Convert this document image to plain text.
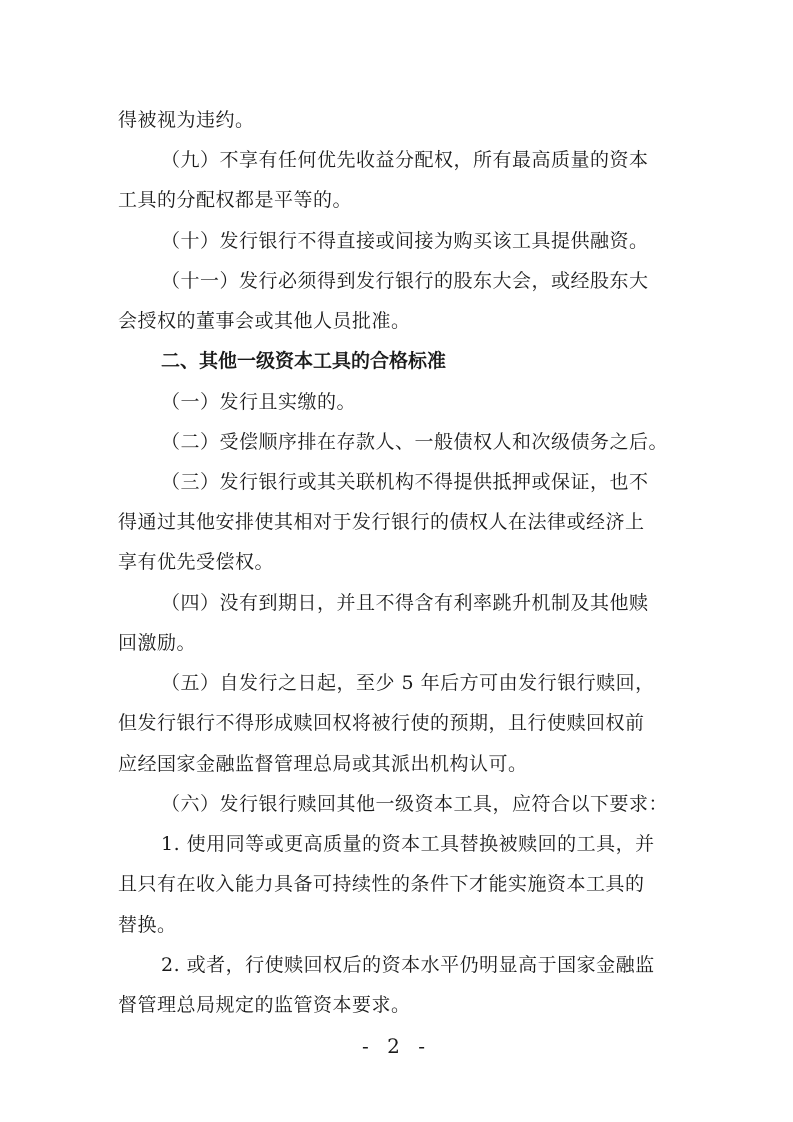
得被视为违约。
（九）不享有任何优先收益分配权，所有最高质量的资本
工具的分配权都是平等的。
（十）发行银行不得直接或间接为购买该工具提供融资。
（十一）发行必须得到发行银行的股东大会，或经股东大
会授权的董事会或其他人员批准。
二、其他一级资本工具的合格标准
（一）发行且实缴的。
（二）受偿顺序排在存款人、一般债权人和次级债务之后。
（三）发行银行或其关联机构不得提供抵押或保证，也不
得通过其他安排使其相对于发行银行的债权人在法律或经济上
享有优先受偿权。
（四）没有到期日，并且不得含有利率跳升机制及其他赎
回激励。
（五）自发行之日起，至少 5 年后方可由发行银行赎回，
但发行银行不得形成赎回权将被行使的预期，且行使赎回权前
应经国家金融监督管理总局或其派出机构认可。
（六）发行银行赎回其他一级资本工具，应符合以下要求：
1. 使用同等或更高质量的资本工具替换被赎回的工具，并
且只有在收入能力具备可持续性的条件下才能实施资本工具的
替换。
2. 或者，行使赎回权后的资本水平仍明显高于国家金融监
督管理总局规定的监管资本要求。
- 2 -
